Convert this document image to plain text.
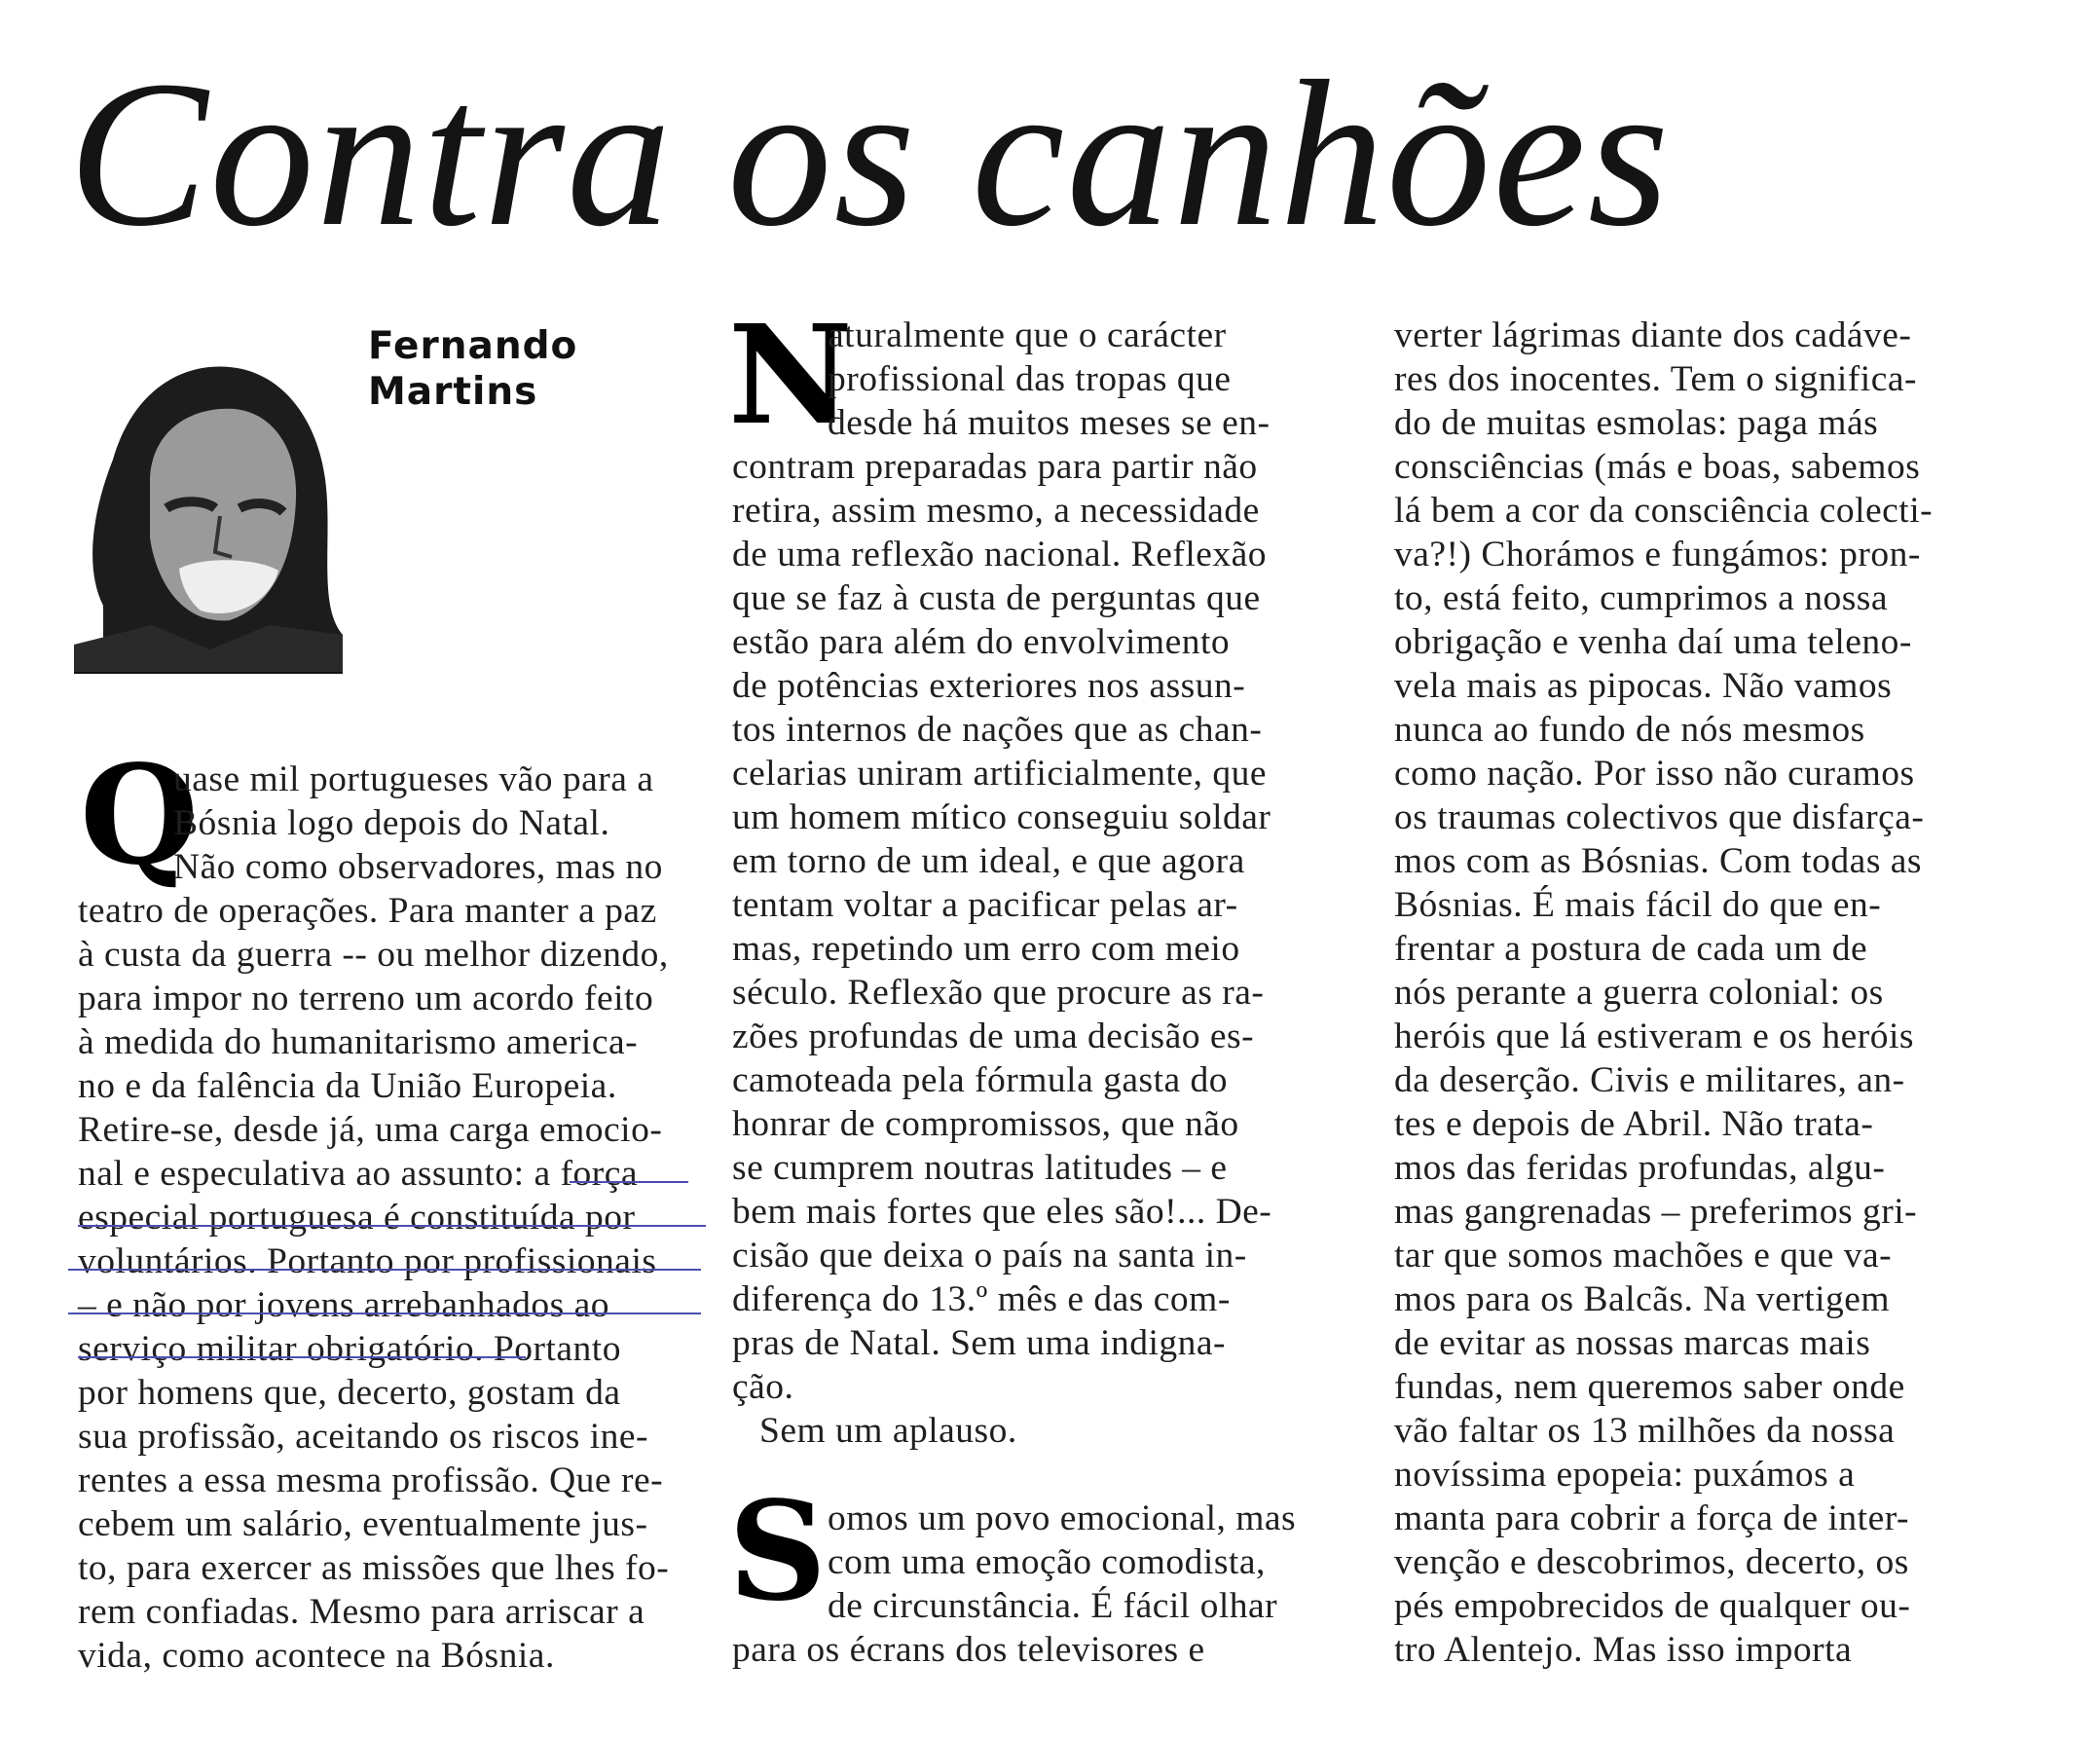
Contra os canhões
Fernando
Martins
Q
uase mil portugueses vão para a
Bósnia logo depois do Natal.
Não como observadores, mas no
teatro de operações. Para manter a paz
à custa da guerra -- ou melhor dizendo,
para impor no terreno um acordo feito
à medida do humanitarismo america-
no e da falência da União Europeia.
Retire-se, desde já, uma carga emocio-
nal e especulativa ao assunto: a força
especial portuguesa é constituída por
voluntários. Portanto por profissionais
– e não por jovens arrebanhados ao
serviço militar obrigatório. Portanto
por homens que, decerto, gostam da
sua profissão, aceitando os riscos ine-
rentes a essa mesma profissão. Que re-
cebem um salário, eventualmente jus-
to, para exercer as missões que lhes fo-
rem confiadas. Mesmo para arriscar a
vida, como acontece na Bósnia.
N
S
aturalmente que o carácter
profissional das tropas que
desde há muitos meses se en-
contram preparadas para partir não
retira, assim mesmo, a necessidade
de uma reflexão nacional. Reflexão
que se faz à custa de perguntas que
estão para além do envolvimento
de potências exteriores nos assun-
tos internos de nações que as chan-
celarias uniram artificialmente, que
um homem mítico conseguiu soldar
em torno de um ideal, e que agora
tentam voltar a pacificar pelas ar-
mas, repetindo um erro com meio
século. Reflexão que procure as ra-
zões profundas de uma decisão es-
camoteada pela fórmula gasta do
honrar de compromissos, que não
se cumprem noutras latitudes – e
bem mais fortes que eles são!... De-
cisão que deixa o país na santa in-
diferença do 13.º mês e das com-
pras de Natal. Sem uma indigna-
ção.
Sem um aplauso.
omos um povo emocional, mas
com uma emoção comodista,
de circunstância. É fácil olhar
para os écrans dos televisores e
verter lágrimas diante dos cadáve-
res dos inocentes. Tem o significa-
do de muitas esmolas: paga más
consciências (más e boas, sabemos
lá bem a cor da consciência colecti-
va?!) Chorámos e fungámos: pron-
to, está feito, cumprimos a nossa
obrigação e venha daí uma teleno-
vela mais as pipocas. Não vamos
nunca ao fundo de nós mesmos
como nação. Por isso não curamos
os traumas colectivos que disfarça-
mos com as Bósnias. Com todas as
Bósnias. É mais fácil do que en-
frentar a postura de cada um de
nós perante a guerra colonial: os
heróis que lá estiveram e os heróis
da deserção. Civis e militares, an-
tes e depois de Abril. Não trata-
mos das feridas profundas, algu-
mas gangrenadas – preferimos gri-
tar que somos machões e que va-
mos para os Balcãs. Na vertigem
de evitar as nossas marcas mais
fundas, nem queremos saber onde
vão faltar os 13 milhões da nossa
novíssima epopeia: puxámos a
manta para cobrir a força de inter-
venção e descobrimos, decerto, os
pés empobrecidos de qualquer ou-
tro Alentejo. Mas isso importa
